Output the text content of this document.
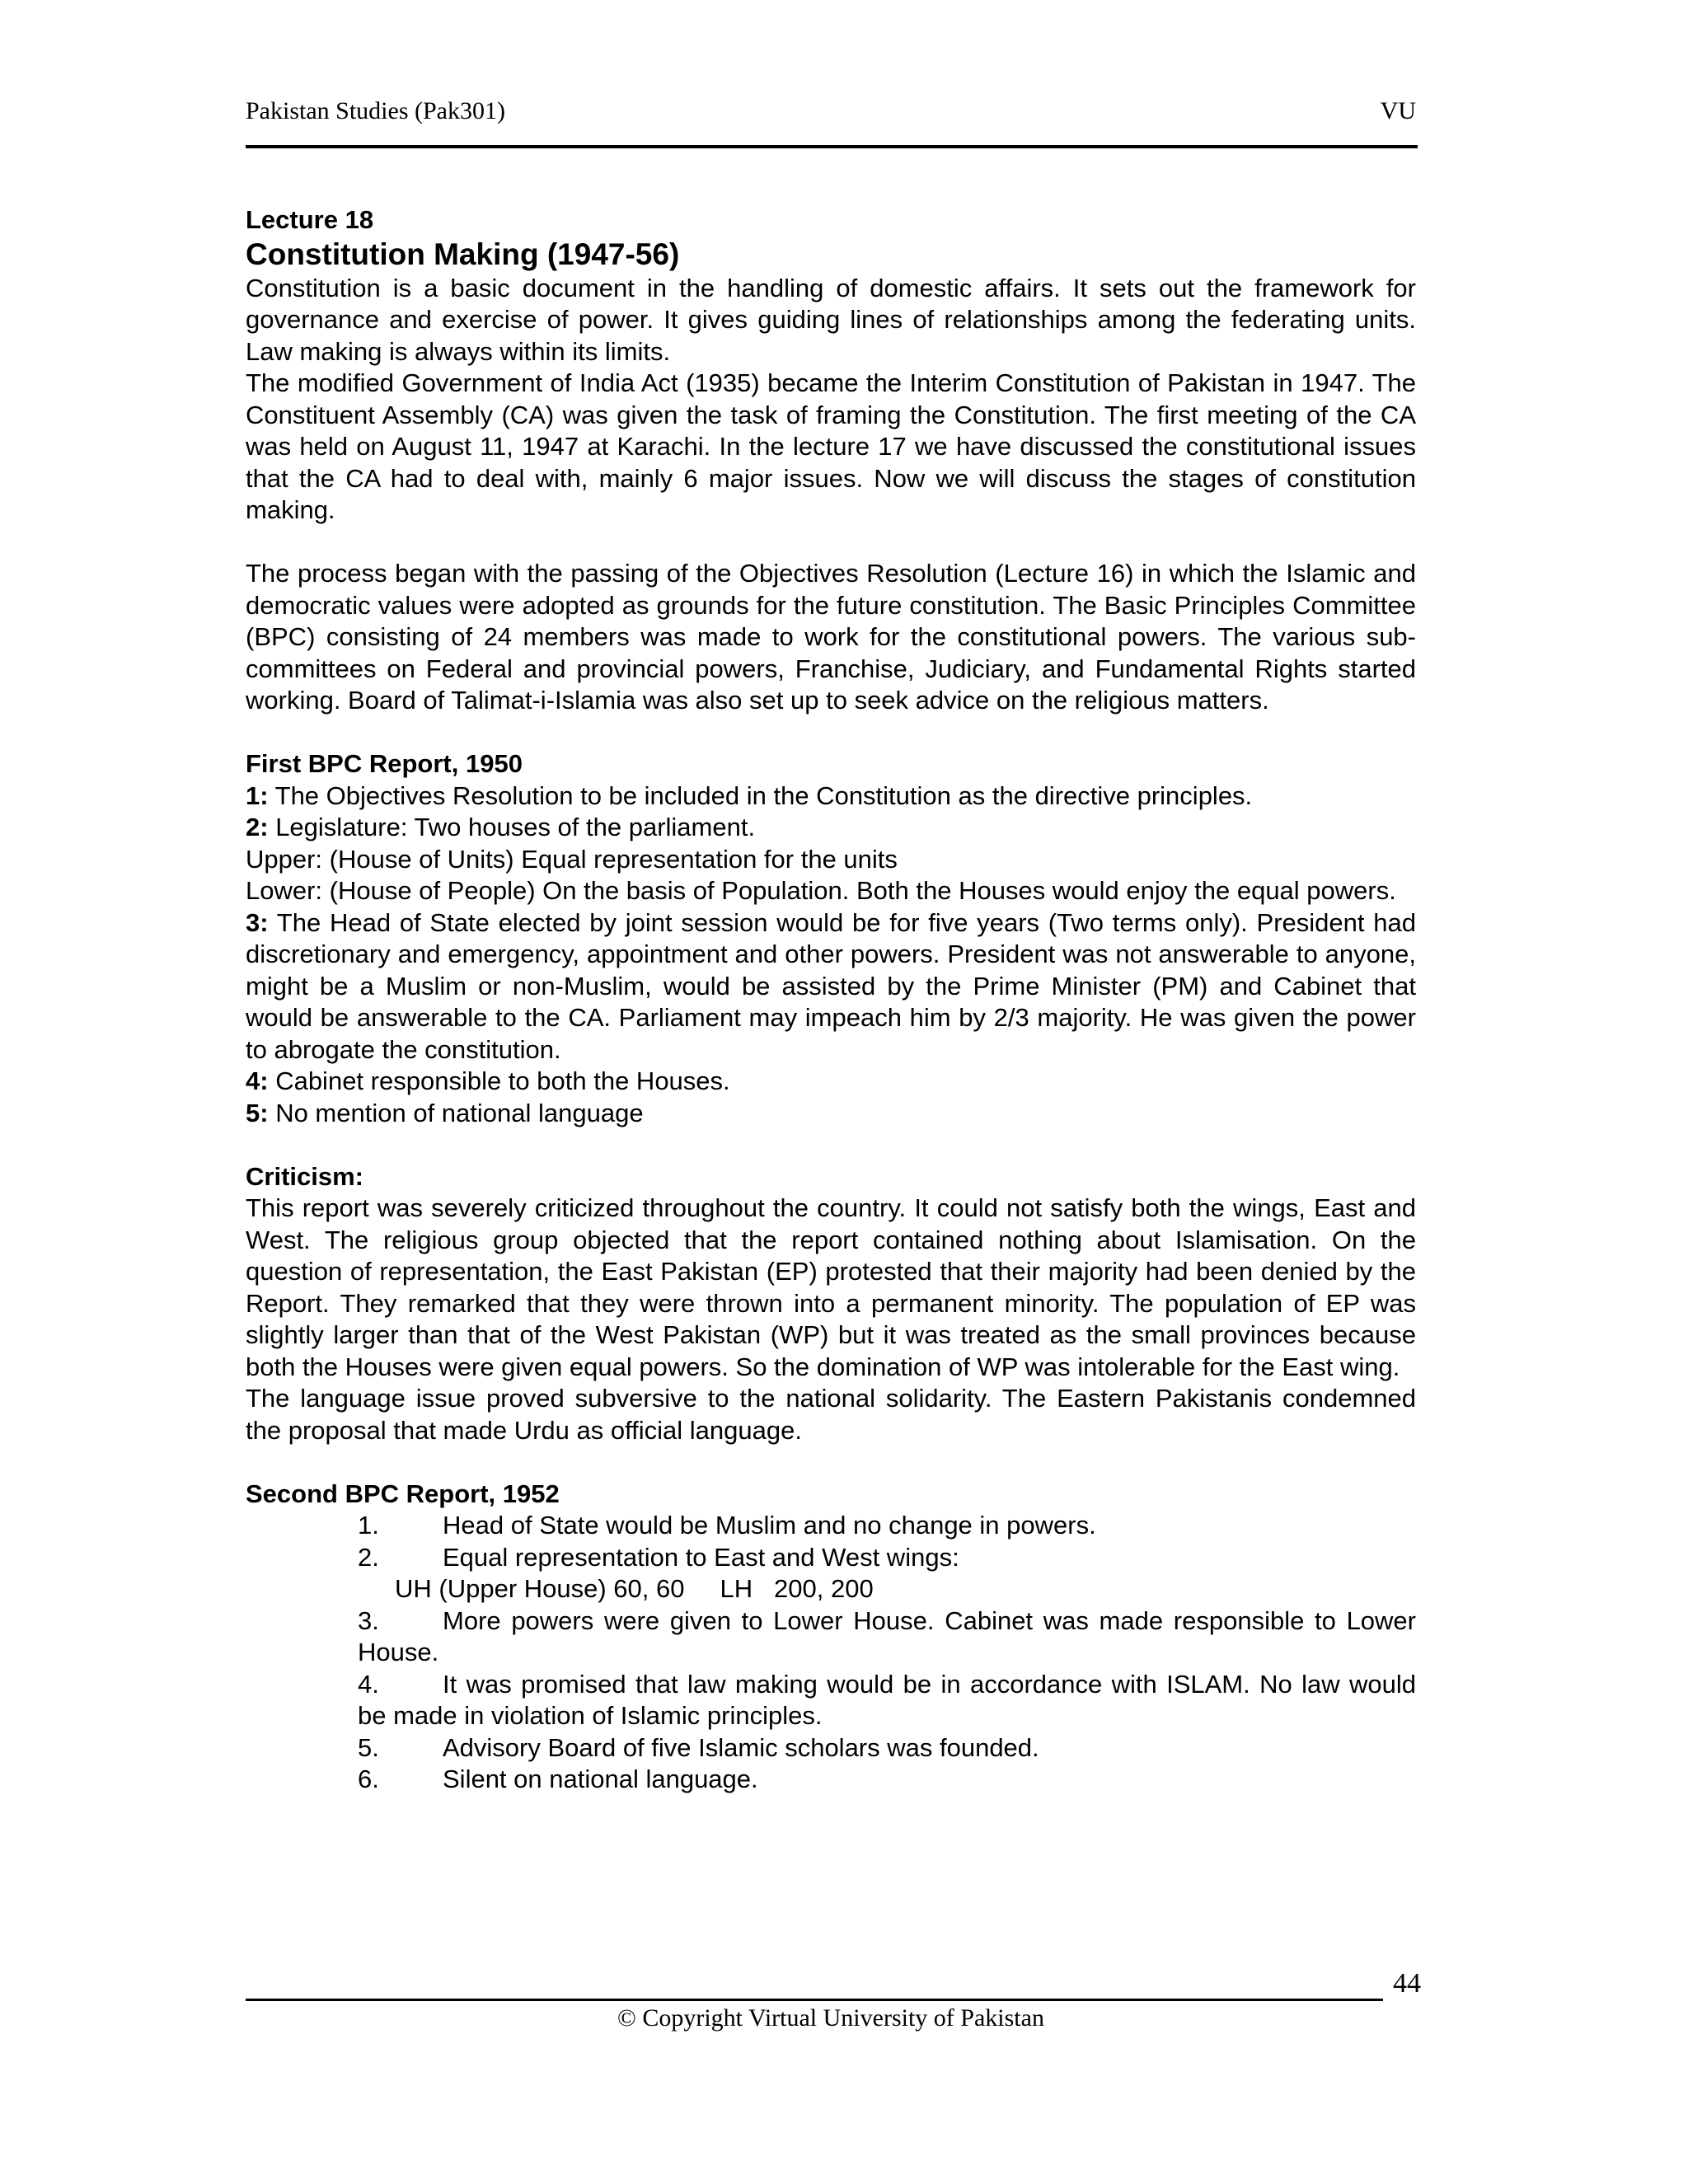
Pakistan Studies (Pak301)	VU

Lecture 18

Constitution Making (1947-56)

Constitution is a basic document in the handling of domestic affairs. It sets out the framework for governance and exercise of power. It gives guiding lines of relationships among the federating units. Law making is always within its limits.

The modified Government of India Act (1935) became the Interim Constitution of Pakistan in 1947. The Constituent Assembly (CA) was given the task of framing the Constitution. The first meeting of the CA was held on August 11, 1947 at Karachi. In the lecture 17 we have discussed the constitutional issues that the CA had to deal with, mainly 6 major issues. Now we will discuss the stages of constitution making.

The process began with the passing of the Objectives Resolution (Lecture 16) in which the Islamic and democratic values were adopted as grounds for the future constitution. The Basic Principles Committee (BPC) consisting of 24 members was made to work for the constitutional powers. The various sub-committees on Federal and provincial powers, Franchise, Judiciary, and Fundamental Rights started working. Board of Talimat-i-Islamia was also set up to seek advice on the religious matters.

First BPC Report, 1950

1: The Objectives Resolution to be included in the Constitution as the directive principles.

2: Legislature: Two houses of the parliament.

Upper: (House of Units) Equal representation for the units

Lower: (House of People) On the basis of Population. Both the Houses would enjoy the equal powers.

3: The Head of State elected by joint session would be for five years (Two terms only). President had discretionary and emergency, appointment and other powers. President was not answerable to anyone, might be a Muslim or non-Muslim, would be assisted by the Prime Minister (PM) and Cabinet that would be answerable to the CA. Parliament may impeach him by 2/3 majority. He was given the power to abrogate the constitution.

4: Cabinet responsible to both the Houses.

5: No mention of national language

Criticism:

This report was severely criticized throughout the country. It could not satisfy both the wings, East and West. The religious group objected that the report contained nothing about Islamisation. On the question of representation, the East Pakistan (EP) protested that their majority had been denied by the Report. They remarked that they were thrown into a permanent minority. The population of EP was slightly larger than that of the West Pakistan (WP) but it was treated as the small provinces because both the Houses were given equal powers. So the domination of WP was intolerable for the East wing.

The language issue proved subversive to the national solidarity. The Eastern Pakistanis condemned the proposal that made Urdu as official language.

Second BPC Report, 1952

1. Head of State would be Muslim and no change in powers.

2. Equal representation to East and West wings:

UH (Upper House) 60, 60     LH   200, 200

3. More powers were given to Lower House. Cabinet was made responsible to Lower House.

4. It was promised that law making would be in accordance with ISLAM. No law would be made in violation of Islamic principles.

5. Advisory Board of five Islamic scholars was founded.

6. Silent on national language.

44
© Copyright Virtual University of Pakistan
